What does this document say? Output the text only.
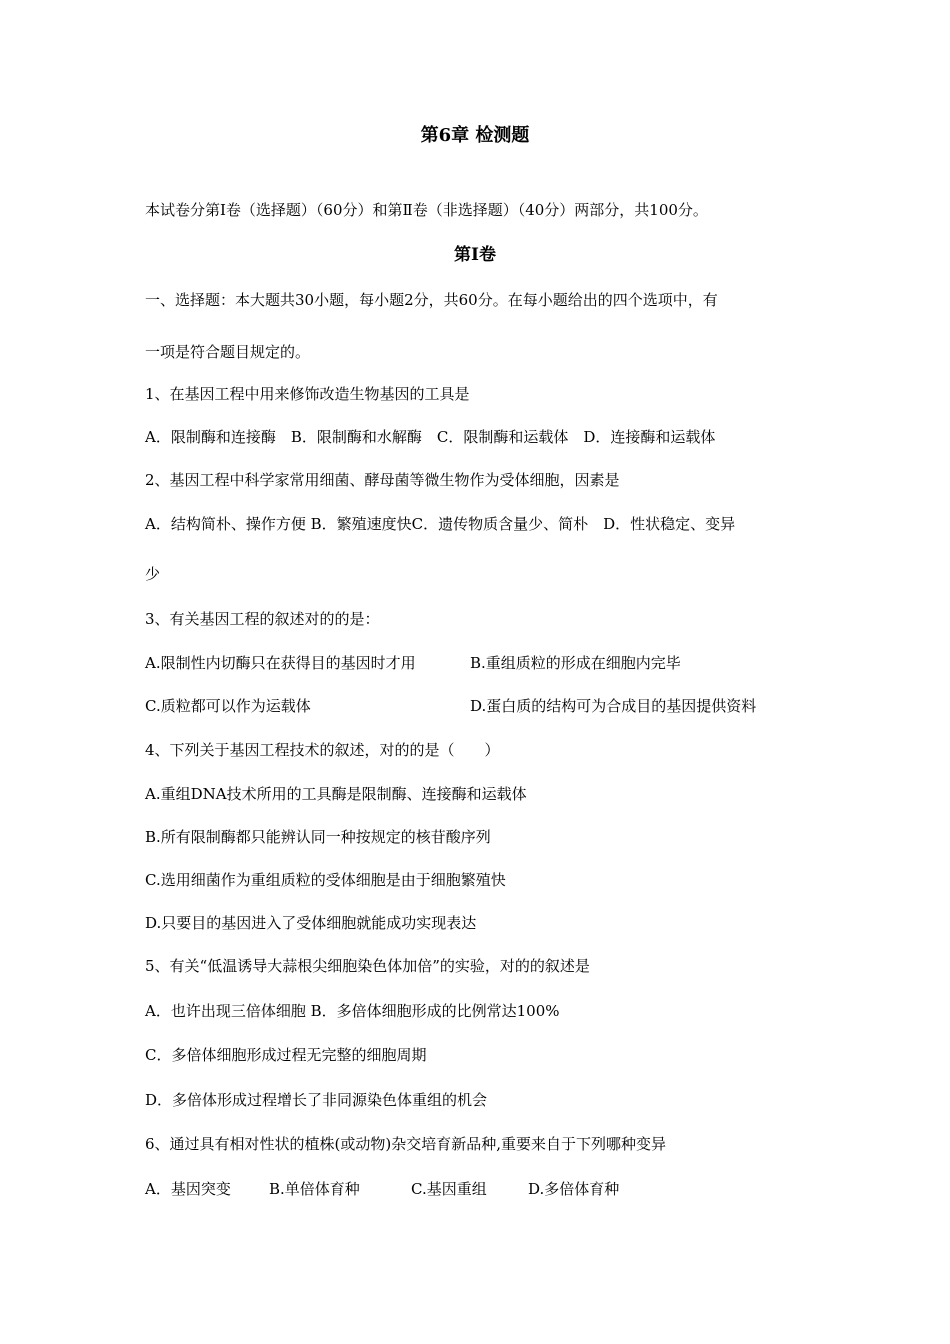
第6章 检测题
本试卷分第Ⅰ卷（选择题）（60分）和第Ⅱ卷（非选择题）（40分）两部分，共100分。
第Ⅰ卷
一、选择题：本大题共30小题，每小题2分，共60分。在每小题给出的四个选项中，有
一项是符合题目规定的。
1、在基因工程中用来修饰改造生物基因的工具是
A．限制酶和连接酶　B．限制酶和水解酶　C．限制酶和运载体　D．连接酶和运载体
2、基因工程中科学家常用细菌、酵母菌等微生物作为受体细胞，因素是
A．结构简朴、操作方便 B．繁殖速度快C．遗传物质含量少、简朴　D．性状稳定、变异
少
3、有关基因工程的叙述对的的是：
A.限制性内切酶只在获得目的基因时才用	B.重组质粒的形成在细胞内完毕
C.质粒都可以作为运载体	D.蛋白质的结构可为合成目的基因提供资料
4、下列关于基因工程技术的叙述，对的的是（　　）
A.重组DNA技术所用的工具酶是限制酶、连接酶和运载体
B.所有限制酶都只能辨认同一种按规定的核苷酸序列
C.选用细菌作为重组质粒的受体细胞是由于细胞繁殖快
D.只要目的基因进入了受体细胞就能成功实现表达
5、有关“低温诱导大蒜根尖细胞染色体加倍”的实验，对的的叙述是
A．也许出现三倍体细胞 B．多倍体细胞形成的比例常达100%
C．多倍体细胞形成过程无完整的细胞周期
D．多倍体形成过程增长了非同源染色体重组的机会
6、通过具有相对性状的植株(或动物)杂交培育新品种,重要来自于下列哪种变异
A．基因突变	B.单倍体育种	C.基因重组	D.多倍体育种
